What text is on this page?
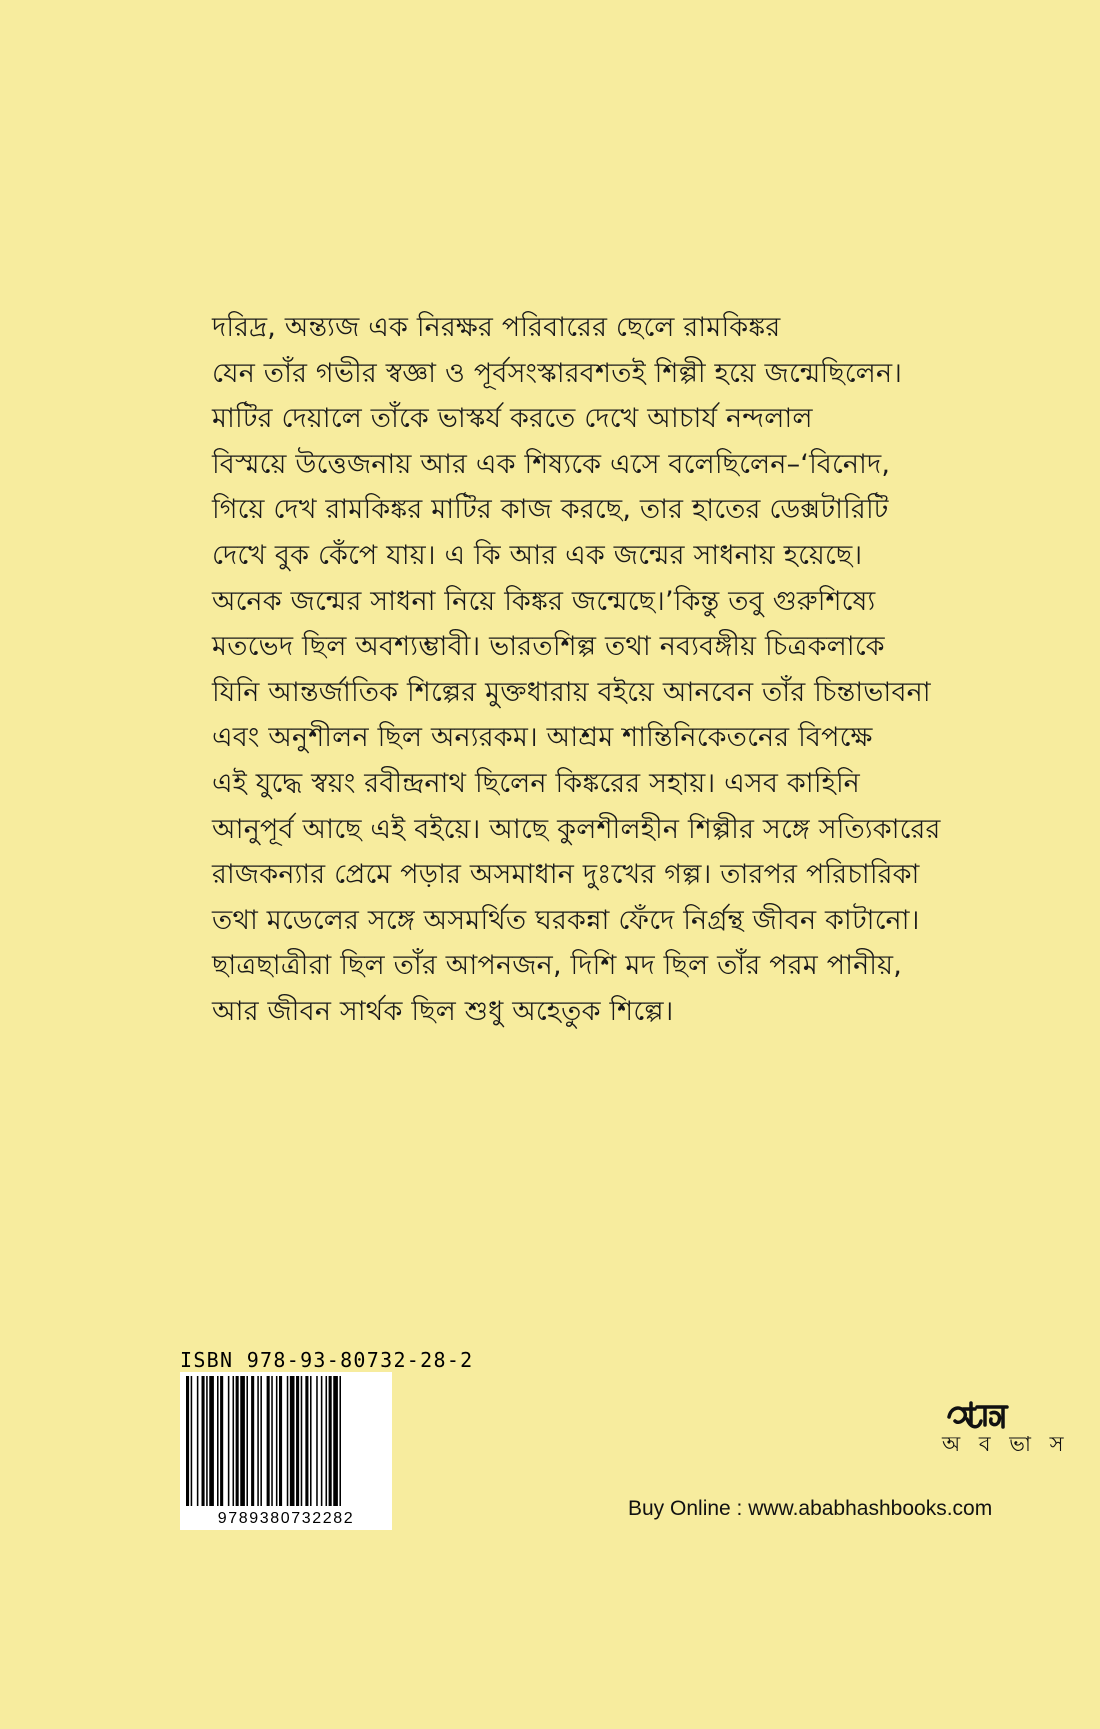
দরিদ্র, অন্ত্যজ এক নিরক্ষর পরিবারের ছেলে রামকিঙ্কর
যেন তাঁর গভীর স্বজ্ঞা ও পূর্বসংস্কারবশতই শিল্পী হয়ে জন্মেছিলেন।
মাটির দেয়ালে তাঁকে ভাস্কর্য করতে দেখে আচার্য নন্দলাল
বিস্ময়ে উত্তেজনায় আর এক শিষ্যকে এসে বলেছিলেন–‘বিনোদ,
গিয়ে দেখ রামকিঙ্কর মাটির কাজ করছে, তার হাতের ডেক্সটারিটি
দেখে বুক কেঁপে যায়। এ কি আর এক জন্মের সাধনায় হয়েছে।
অনেক জন্মের সাধনা নিয়ে কিঙ্কর জন্মেছে।’কিন্তু তবু গুরুশিষ্যে
মতভেদ ছিল অবশ্যম্ভাবী। ভারতশিল্প তথা নব্যবঙ্গীয় চিত্রকলাকে
যিনি আন্তর্জাতিক শিল্পের মুক্তধারায় বইয়ে আনবেন তাঁর চিন্তাভাবনা
এবং অনুশীলন ছিল অন্যরকম। আশ্রম শান্তিনিকেতনের বিপক্ষে
এই যুদ্ধে স্বয়ং রবীন্দ্রনাথ ছিলেন কিঙ্করের সহায়। এসব কাহিনি
আনুপূর্ব আছে এই বইয়ে। আছে কুলশীলহীন শিল্পীর সঙ্গে সত্যিকারের
রাজকন্যার প্রেমে পড়ার অসমাধান দুঃখের গল্প। তারপর পরিচারিকা
তথা মডেলের সঙ্গে অসমর্থিত ঘরকন্না ফেঁদে নির্গ্রন্থ জীবন কাটানো।
ছাত্রছাত্রীরা ছিল তাঁর আপনজন, দিশি মদ ছিল তাঁর পরম পানীয়,
আর জীবন সার্থক ছিল শুধু অহেতুক শিল্পে।
ISBN 978-93-80732-28-2
9789380732282
অ ব ভা স
Buy Online : www.ababhashbooks.com
